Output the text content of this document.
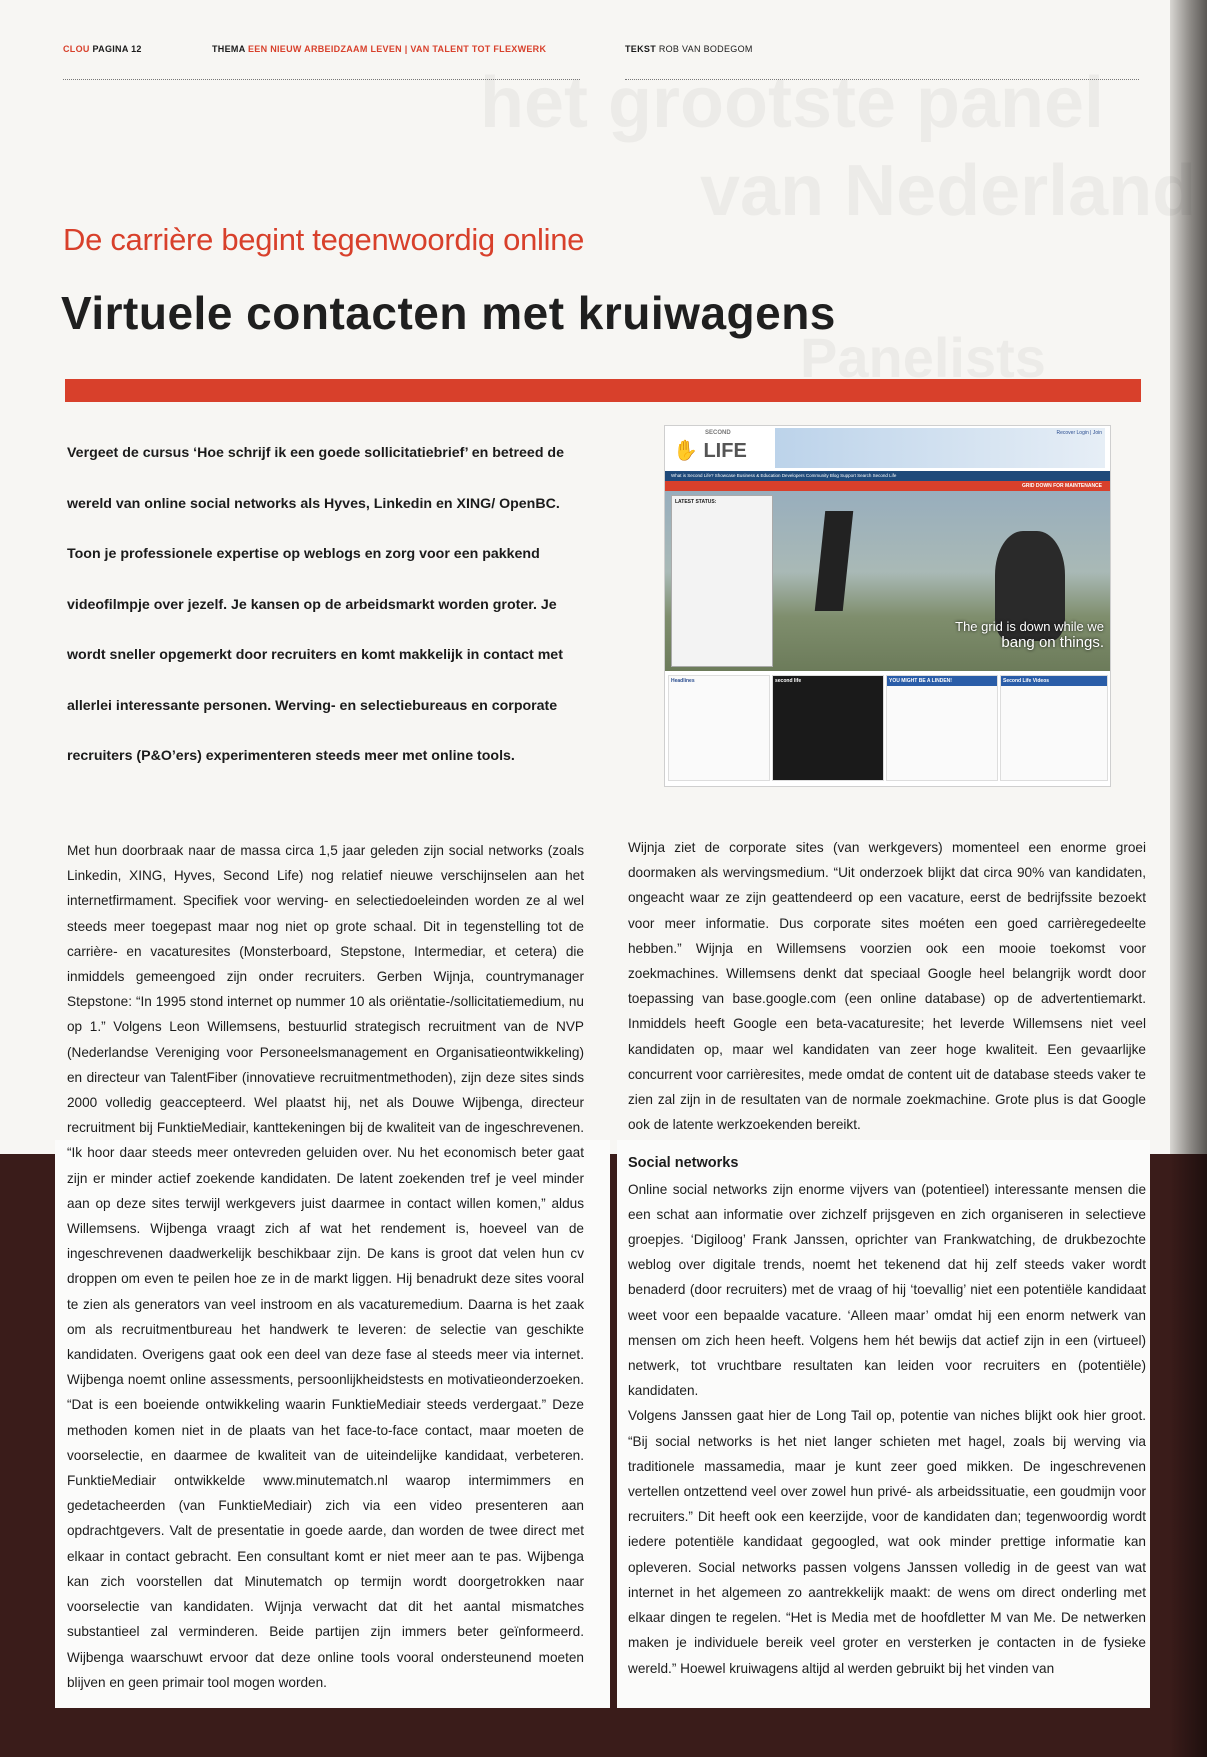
CLOU PAGINA 12	THEMA EEN NIEUW ARBEIDZAAM LEVEN | VAN TALENT TOT FLEXWERK	TEKST ROB VAN BODEGOM
De carrière begint tegenwoordig online
Virtuele contacten met kruiwagens
Vergeet de cursus ‘Hoe schrijf ik een goede sollicitatiebrief’ en betreed de wereld van online social networks als Hyves, Linkedin en XING/ OpenBC. Toon je professionele expertise op weblogs en zorg voor een pakkend videofilmpje over jezelf. Je kansen op de arbeidsmarkt worden groter. Je wordt sneller opgemerkt door recruiters en komt makkelijk in contact met allerlei interessante personen. Werving- en selectiebureaus en corporate recruiters (P&O’ers) experimenteren steeds meer met online tools.
✋ LIFE
SECOND	Recover Login | Join
What is Second Life? Showcase Business & Education Developers Community Blog Support Search Second Life
GRID DOWN FOR MAINTENANCE
LATEST STATUS:
The grid is down while we
bang on things.
Headlines	second life	YOU MIGHT BE A LINDEN!	Second Life Videos

Met hun doorbraak naar de massa circa 1,5 jaar geleden zijn social networks (zoals Linkedin, XING, Hyves, Second Life) nog relatief nieuwe verschijnselen aan het internetfirmament. Specifiek voor werving- en selectiedoeleinden worden ze al wel steeds meer toegepast maar nog niet op grote schaal. Dit in tegenstelling tot de carrière- en vacaturesites (Monsterboard, Stepstone, Intermediar, et cetera) die inmiddels gemeengoed zijn onder recruiters. Gerben Wijnja, countrymanager Stepstone: “In 1995 stond internet op nummer 10 als oriëntatie-/sollicitatiemedium, nu op 1.” Volgens Leon Willemsens, bestuurlid strategisch recruitment van de NVP (Nederlandse Vereniging voor Personeelsmanagement en Organisatieontwikkeling) en directeur van TalentFiber (innovatieve recruitmentmethoden), zijn deze sites sinds 2000 volledig geaccepteerd. Wel plaatst hij, net als Douwe Wijbenga, directeur recruitment bij FunktieMediair, kanttekeningen bij de kwaliteit van de ingeschrevenen. “Ik hoor daar steeds meer ontevreden geluiden over. Nu het economisch beter gaat zijn er minder actief zoekende kandidaten. De latent zoekenden tref je veel minder aan op deze sites terwijl werkgevers juist daarmee in contact willen komen,” aldus Willemsens. Wijbenga vraagt zich af wat het rendement is, hoeveel van de ingeschrevenen daadwerkelijk beschikbaar zijn. De kans is groot dat velen hun cv droppen om even te peilen hoe ze in de markt liggen. Hij benadrukt deze sites vooral te zien als generators van veel instroom en als vacaturemedium. Daarna is het zaak om als recruitmentbureau het handwerk te leveren: de selectie van geschikte kandidaten. Overigens gaat ook een deel van deze fase al steeds meer via internet. Wijbenga noemt online assessments, persoonlijkheidstests en motivatieonderzoeken. “Dat is een boeiende ontwikkeling waarin FunktieMediair steeds verdergaat.” Deze methoden komen niet in de plaats van het face-to-face contact, maar moeten de voorselectie, en daarmee de kwaliteit van de uiteindelijke kandidaat, verbeteren. FunktieMediair ontwikkelde www.minutematch.nl waarop intermimmers en gedetacheerden (van FunktieMediair) zich via een video presenteren aan opdrachtgevers. Valt de presentatie in goede aarde, dan worden de twee direct met elkaar in contact gebracht. Een consultant komt er niet meer aan te pas. Wijbenga kan zich voorstellen dat Minutematch op termijn wordt doorgetrokken naar voorselectie van kandidaten. Wijnja verwacht dat dit het aantal mismatches substantieel zal verminderen. Beide partijen zijn immers beter geïnformeerd. Wijbenga waarschuwt ervoor dat deze online tools vooral ondersteunend moeten blijven en geen primair tool mogen worden.

Wijnja ziet de corporate sites (van werkgevers) momenteel een enorme groei doormaken als wervingsmedium. “Uit onderzoek blijkt dat circa 90% van kandidaten, ongeacht waar ze zijn geattendeerd op een vacature, eerst de bedrijfssite bezoekt voor meer informatie. Dus corporate sites moéten een goed carrièregedeelte hebben.” Wijnja en Willemsens voorzien ook een mooie toekomst voor zoekmachines. Willemsens denkt dat speciaal Google heel belangrijk wordt door toepassing van base.google.com (een online database) op de advertentiemarkt. Inmiddels heeft Google een beta-vacaturesite; het leverde Willemsens niet veel kandidaten op, maar wel kandidaten van zeer hoge kwaliteit. Een gevaarlijke concurrent voor carrièresites, mede omdat de content uit de database steeds vaker te zien zal zijn in de resultaten van de normale zoekmachine. Grote plus is dat Google ook de latente werkzoekenden bereikt.

Social networks

Online social networks zijn enorme vijvers van (potentieel) interessante mensen die een schat aan informatie over zichzelf prijsgeven en zich organiseren in selectieve groepjes. ‘Digiloog’ Frank Janssen, oprichter van Frankwatching, de drukbezochte weblog over digitale trends, noemt het tekenend dat hij zelf steeds vaker wordt benaderd (door recruiters) met de vraag of hij ‘toevallig’ niet een potentiële kandidaat weet voor een bepaalde vacature. ‘Alleen maar’ omdat hij een enorm netwerk van mensen om zich heen heeft. Volgens hem hét bewijs dat actief zijn in een (virtueel) netwerk, tot vruchtbare resultaten kan leiden voor recruiters en (potentiële) kandidaten.

Volgens Janssen gaat hier de Long Tail op, potentie van niches blijkt ook hier groot. “Bij social networks is het niet langer schieten met hagel, zoals bij werving via traditionele massamedia, maar je kunt zeer goed mikken. De ingeschrevenen vertellen ontzettend veel over zowel hun privé- als arbeidssituatie, een goudmijn voor recruiters.” Dit heeft ook een keerzijde, voor de kandidaten dan; tegenwoordig wordt iedere potentiële kandidaat gegoogled, wat ook minder prettige informatie kan opleveren. Social networks passen volgens Janssen volledig in de geest van wat internet in het algemeen zo aantrekkelijk maakt: de wens om direct onderling met elkaar dingen te regelen. “Het is Media met de hoofdletter M van Me. De netwerken maken je individuele bereik veel groter en versterken je contacten in de fysieke wereld.” Hoewel kruiwagens altijd al werden gebruikt bij het vinden van
